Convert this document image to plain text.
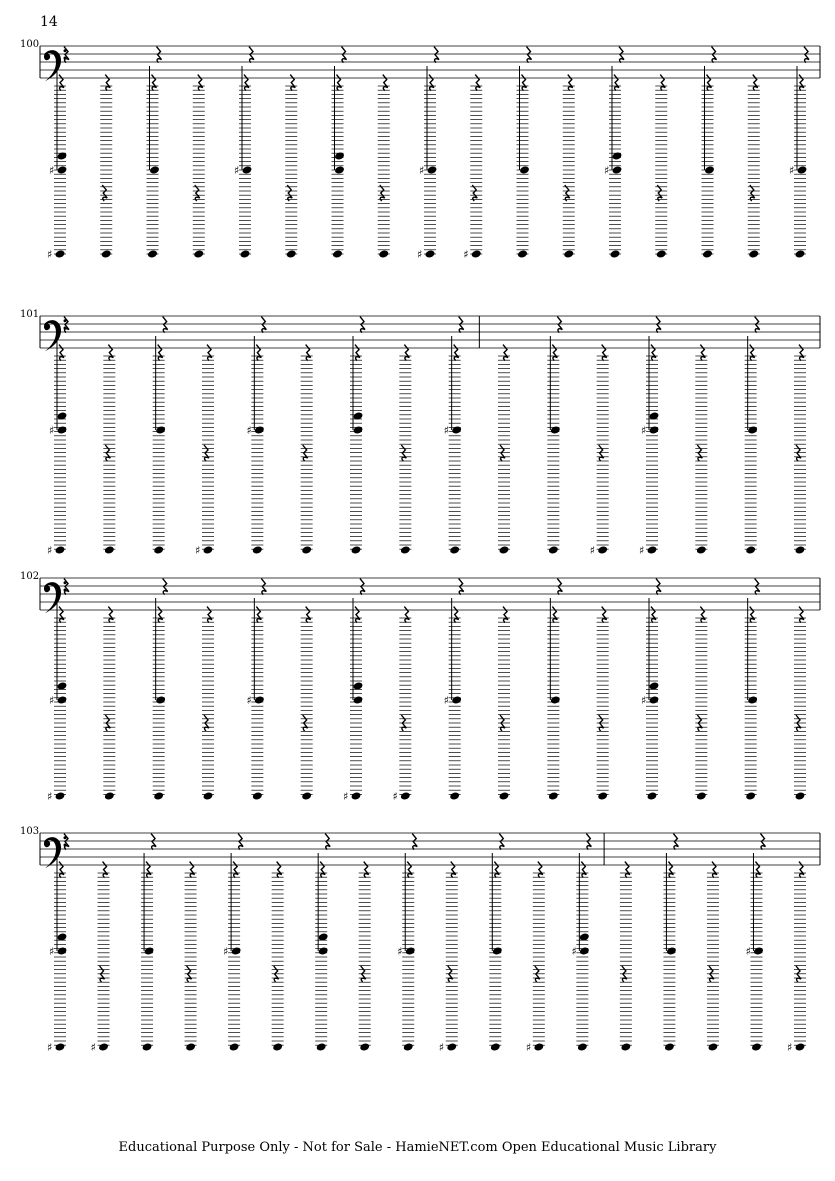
14
100
101
102
103
♯
♯	♯
♯
♯
♯
♯	♯
♯
♯
♯
♯	♯
♯	♯
♯
♯
♯	♯
♯	♯
♯	♯
♯
♯
♯
♯	♯
♯	♯
♯	♯
♯
Educational Purpose Only - Not for Sale - HamieNET.com Open Educational Music Library
